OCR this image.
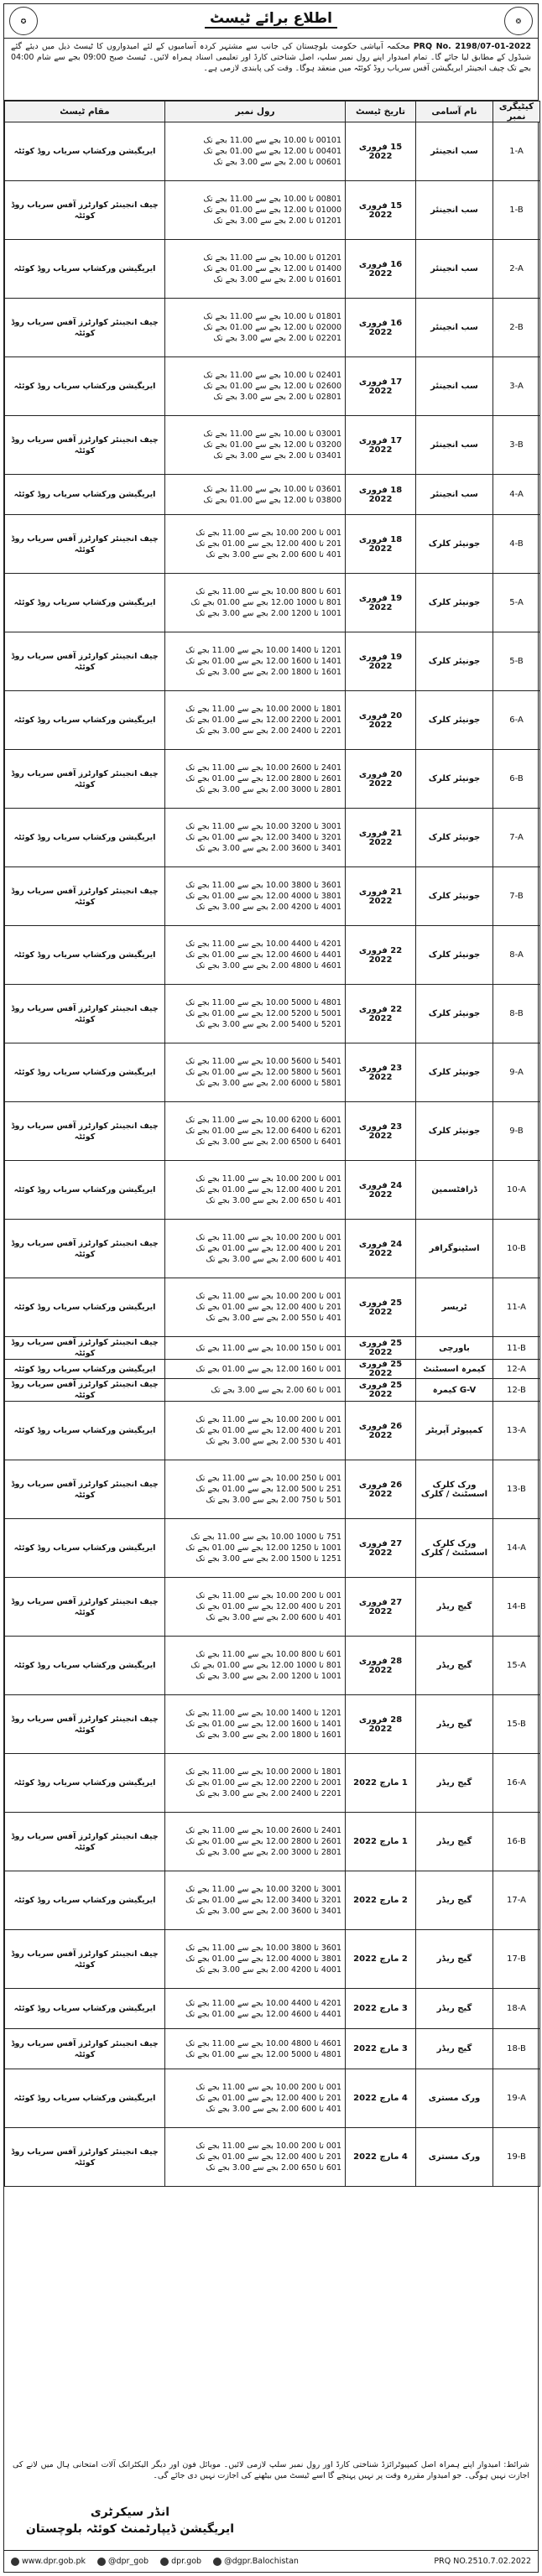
✪	اطلاع برائے ٹیسٹ	❂
PRQ No. 2198/07-01-2022 محکمہ آبپاشی حکومت بلوچستان کی جانب سے مشتہر کردہ آسامیوں کے لئے امیدواروں کا ٹیسٹ ذیل میں دیئے گئے شیڈول کے مطابق لیا جائے گا۔ تمام امیدوار اپنے رول نمبر سلپ، اصل شناختی کارڈ اور تعلیمی اسناد ہمراہ لائیں۔ ٹیسٹ صبح 09:00 بجے سے شام 04:00 بجے تک چیف انجینئر ایریگیشن آفس سریاب روڈ کوئٹہ میں منعقد ہوگا۔ وقت کی پابندی لازمی ہے۔
کیٹیگری نمبر	نام آسامی	تاریخ ٹیسٹ	رول نمبر	مقام ٹیسٹ
1-A	سب انجینئر	15 فروری 2022	00101 تا 10.00 بجے سے 11.00 بجے تک
00401 تا 12.00 بجے سے 01.00 بجے تک
00601 تا 2.00 بجے سے 3.00 بجے تک	ایریگیشن ورکشاپ سریاب روڈ کوئٹہ
1-B	سب انجینئر	15 فروری 2022	00801 تا 10.00 بجے سے 11.00 بجے تک
01000 تا 12.00 بجے سے 01.00 بجے تک
01201 تا 2.00 بجے سے 3.00 بجے تک	چیف انجینئر کوارٹرز آفس سریاب روڈ کوئٹہ
2-A	سب انجینئر	16 فروری 2022	01201 تا 10.00 بجے سے 11.00 بجے تک
01400 تا 12.00 بجے سے 01.00 بجے تک
01601 تا 2.00 بجے سے 3.00 بجے تک	ایریگیشن ورکشاپ سریاب روڈ کوئٹہ
2-B	سب انجینئر	16 فروری 2022	01801 تا 10.00 بجے سے 11.00 بجے تک
02000 تا 12.00 بجے سے 01.00 بجے تک
02201 تا 2.00 بجے سے 3.00 بجے تک	چیف انجینئر کوارٹرز آفس سریاب روڈ کوئٹہ
3-A	سب انجینئر	17 فروری 2022	02401 تا 10.00 بجے سے 11.00 بجے تک
02600 تا 12.00 بجے سے 01.00 بجے تک
02801 تا 2.00 بجے سے 3.00 بجے تک	ایریگیشن ورکشاپ سریاب روڈ کوئٹہ
3-B	سب انجینئر	17 فروری 2022	03001 تا 10.00 بجے سے 11.00 بجے تک
03200 تا 12.00 بجے سے 01.00 بجے تک
03401 تا 2.00 بجے سے 3.00 بجے تک	چیف انجینئر کوارٹرز آفس سریاب روڈ کوئٹہ
4-A	سب انجینئر	18 فروری 2022	03601 تا 10.00 بجے سے 11.00 بجے تک
03800 تا 12.00 بجے سے 01.00 بجے تک	ایریگیشن ورکشاپ سریاب روڈ کوئٹہ
4-B	جونیئر کلرک	18 فروری 2022	001 تا 200 10.00 بجے سے 11.00 بجے تک
201 تا 400 12.00 بجے سے 01.00 بجے تک
401 تا 600 2.00 بجے سے 3.00 بجے تک	چیف انجینئر کوارٹرز آفس سریاب روڈ کوئٹہ
5-A	جونیئر کلرک	19 فروری 2022	601 تا 800 10.00 بجے سے 11.00 بجے تک
801 تا 1000 12.00 بجے سے 01.00 بجے تک
1001 تا 1200 2.00 بجے سے 3.00 بجے تک	ایریگیشن ورکشاپ سریاب روڈ کوئٹہ
5-B	جونیئر کلرک	19 فروری 2022	1201 تا 1400 10.00 بجے سے 11.00 بجے تک
1401 تا 1600 12.00 بجے سے 01.00 بجے تک
1601 تا 1800 2.00 بجے سے 3.00 بجے تک	چیف انجینئر کوارٹرز آفس سریاب روڈ کوئٹہ
6-A	جونیئر کلرک	20 فروری 2022	1801 تا 2000 10.00 بجے سے 11.00 بجے تک
2001 تا 2200 12.00 بجے سے 01.00 بجے تک
2201 تا 2400 2.00 بجے سے 3.00 بجے تک	ایریگیشن ورکشاپ سریاب روڈ کوئٹہ
6-B	جونیئر کلرک	20 فروری 2022	2401 تا 2600 10.00 بجے سے 11.00 بجے تک
2601 تا 2800 12.00 بجے سے 01.00 بجے تک
2801 تا 3000 2.00 بجے سے 3.00 بجے تک	چیف انجینئر کوارٹرز آفس سریاب روڈ کوئٹہ
7-A	جونیئر کلرک	21 فروری 2022	3001 تا 3200 10.00 بجے سے 11.00 بجے تک
3201 تا 3400 12.00 بجے سے 01.00 بجے تک
3401 تا 3600 2.00 بجے سے 3.00 بجے تک	ایریگیشن ورکشاپ سریاب روڈ کوئٹہ
7-B	جونیئر کلرک	21 فروری 2022	3601 تا 3800 10.00 بجے سے 11.00 بجے تک
3801 تا 4000 12.00 بجے سے 01.00 بجے تک
4001 تا 4200 2.00 بجے سے 3.00 بجے تک	چیف انجینئر کوارٹرز آفس سریاب روڈ کوئٹہ
8-A	جونیئر کلرک	22 فروری 2022	4201 تا 4400 10.00 بجے سے 11.00 بجے تک
4401 تا 4600 12.00 بجے سے 01.00 بجے تک
4601 تا 4800 2.00 بجے سے 3.00 بجے تک	ایریگیشن ورکشاپ سریاب روڈ کوئٹہ
8-B	جونیئر کلرک	22 فروری 2022	4801 تا 5000 10.00 بجے سے 11.00 بجے تک
5001 تا 5200 12.00 بجے سے 01.00 بجے تک
5201 تا 5400 2.00 بجے سے 3.00 بجے تک	چیف انجینئر کوارٹرز آفس سریاب روڈ کوئٹہ
9-A	جونیئر کلرک	23 فروری 2022	5401 تا 5600 10.00 بجے سے 11.00 بجے تک
5601 تا 5800 12.00 بجے سے 01.00 بجے تک
5801 تا 6000 2.00 بجے سے 3.00 بجے تک	ایریگیشن ورکشاپ سریاب روڈ کوئٹہ
9-B	جونیئر کلرک	23 فروری 2022	6001 تا 6200 10.00 بجے سے 11.00 بجے تک
6201 تا 6400 12.00 بجے سے 01.00 بجے تک
6401 تا 6500 2.00 بجے سے 3.00 بجے تک	چیف انجینئر کوارٹرز آفس سریاب روڈ کوئٹہ
10-A	ڈرافٹسمین	24 فروری 2022	001 تا 200 10.00 بجے سے 11.00 بجے تک
201 تا 400 12.00 بجے سے 01.00 بجے تک
401 تا 650 2.00 بجے سے 3.00 بجے تک	ایریگیشن ورکشاپ سریاب روڈ کوئٹہ
10-B	اسٹینوگرافر	24 فروری 2022	001 تا 200 10.00 بجے سے 11.00 بجے تک
201 تا 400 12.00 بجے سے 01.00 بجے تک
401 تا 600 2.00 بجے سے 3.00 بجے تک	چیف انجینئر کوارٹرز آفس سریاب روڈ کوئٹہ
11-A	ٹریسر	25 فروری 2022	001 تا 200 10.00 بجے سے 11.00 بجے تک
201 تا 400 12.00 بجے سے 01.00 بجے تک
401 تا 550 2.00 بجے سے 3.00 بجے تک	ایریگیشن ورکشاپ سریاب روڈ کوئٹہ
11-B	باورچی	25 فروری 2022	001 تا 150 10.00 بجے سے 11.00 بجے تک	چیف انجینئر کوارٹرز آفس سریاب روڈ کوئٹہ
12-A	کیمرہ اسسٹنٹ	25 فروری 2022	001 تا 160 12.00 بجے سے 01.00 بجے تک	ایریگیشن ورکشاپ سریاب روڈ کوئٹہ
12-B	G-V کیمرہ	25 فروری 2022	001 تا 60 2.00 بجے سے 3.00 بجے تک	چیف انجینئر کوارٹرز آفس سریاب روڈ کوئٹہ
13-A	کمپیوٹر آپریٹر	26 فروری 2022	001 تا 200 10.00 بجے سے 11.00 بجے تک
201 تا 400 12.00 بجے سے 01.00 بجے تک
401 تا 530 2.00 بجے سے 3.00 بجے تک	ایریگیشن ورکشاپ سریاب روڈ کوئٹہ
13-B	ورک کلرک اسسٹنٹ / کلرک	26 فروری 2022	001 تا 250 10.00 بجے سے 11.00 بجے تک
251 تا 500 12.00 بجے سے 01.00 بجے تک
501 تا 750 2.00 بجے سے 3.00 بجے تک	چیف انجینئر کوارٹرز آفس سریاب روڈ کوئٹہ
14-A	ورک کلرک اسسٹنٹ / کلرک	27 فروری 2022	751 تا 1000 10.00 بجے سے 11.00 بجے تک
1001 تا 1250 12.00 بجے سے 01.00 بجے تک
1251 تا 1500 2.00 بجے سے 3.00 بجے تک	ایریگیشن ورکشاپ سریاب روڈ کوئٹہ
14-B	گیج ریڈر	27 فروری 2022	001 تا 200 10.00 بجے سے 11.00 بجے تک
201 تا 400 12.00 بجے سے 01.00 بجے تک
401 تا 600 2.00 بجے سے 3.00 بجے تک	چیف انجینئر کوارٹرز آفس سریاب روڈ کوئٹہ
15-A	گیج ریڈر	28 فروری 2022	601 تا 800 10.00 بجے سے 11.00 بجے تک
801 تا 1000 12.00 بجے سے 01.00 بجے تک
1001 تا 1200 2.00 بجے سے 3.00 بجے تک	ایریگیشن ورکشاپ سریاب روڈ کوئٹہ
15-B	گیج ریڈر	28 فروری 2022	1201 تا 1400 10.00 بجے سے 11.00 بجے تک
1401 تا 1600 12.00 بجے سے 01.00 بجے تک
1601 تا 1800 2.00 بجے سے 3.00 بجے تک	چیف انجینئر کوارٹرز آفس سریاب روڈ کوئٹہ
16-A	گیج ریڈر	1 مارچ 2022	1801 تا 2000 10.00 بجے سے 11.00 بجے تک
2001 تا 2200 12.00 بجے سے 01.00 بجے تک
2201 تا 2400 2.00 بجے سے 3.00 بجے تک	ایریگیشن ورکشاپ سریاب روڈ کوئٹہ
16-B	گیج ریڈر	1 مارچ 2022	2401 تا 2600 10.00 بجے سے 11.00 بجے تک
2601 تا 2800 12.00 بجے سے 01.00 بجے تک
2801 تا 3000 2.00 بجے سے 3.00 بجے تک	چیف انجینئر کوارٹرز آفس سریاب روڈ کوئٹہ
17-A	گیج ریڈر	2 مارچ 2022	3001 تا 3200 10.00 بجے سے 11.00 بجے تک
3201 تا 3400 12.00 بجے سے 01.00 بجے تک
3401 تا 3600 2.00 بجے سے 3.00 بجے تک	ایریگیشن ورکشاپ سریاب روڈ کوئٹہ
17-B	گیج ریڈر	2 مارچ 2022	3601 تا 3800 10.00 بجے سے 11.00 بجے تک
3801 تا 4000 12.00 بجے سے 01.00 بجے تک
4001 تا 4200 2.00 بجے سے 3.00 بجے تک	چیف انجینئر کوارٹرز آفس سریاب روڈ کوئٹہ
18-A	گیج ریڈر	3 مارچ 2022	4201 تا 4400 10.00 بجے سے 11.00 بجے تک
4401 تا 4600 12.00 بجے سے 01.00 بجے تک	ایریگیشن ورکشاپ سریاب روڈ کوئٹہ
18-B	گیج ریڈر	3 مارچ 2022	4601 تا 4800 10.00 بجے سے 11.00 بجے تک
4801 تا 5000 12.00 بجے سے 01.00 بجے تک	چیف انجینئر کوارٹرز آفس سریاب روڈ کوئٹہ
19-A	ورک مستری	4 مارچ 2022	001 تا 200 10.00 بجے سے 11.00 بجے تک
201 تا 400 12.00 بجے سے 01.00 بجے تک
401 تا 600 2.00 بجے سے 3.00 بجے تک	ایریگیشن ورکشاپ سریاب روڈ کوئٹہ
19-B	ورک مستری	4 مارچ 2022	001 تا 200 10.00 بجے سے 11.00 بجے تک
201 تا 400 12.00 بجے سے 01.00 بجے تک
601 تا 650 2.00 بجے سے 3.00 بجے تک	چیف انجینئر کوارٹرز آفس سریاب روڈ کوئٹہ
شرائط: امیدوار اپنے ہمراہ اصل کمپیوٹرائزڈ شناختی کارڈ اور رول نمبر سلپ لازمی لائیں۔ موبائل فون اور دیگر الیکٹرانک آلات امتحانی ہال میں لانے کی اجازت نہیں ہوگی۔ جو امیدوار مقررہ وقت پر نہیں پہنچے گا اسے ٹیسٹ میں بیٹھنے کی اجازت نہیں دی جائے گی۔
انڈر سیکرٹری
ایریگیشن ڈیپارٹمنٹ کوئٹہ بلوچستان
www.dpr.gob.pk	@dpr_gob	dpr.gob	@dgpr.Balochistan	PRQ NO.2510.7.02.2022
